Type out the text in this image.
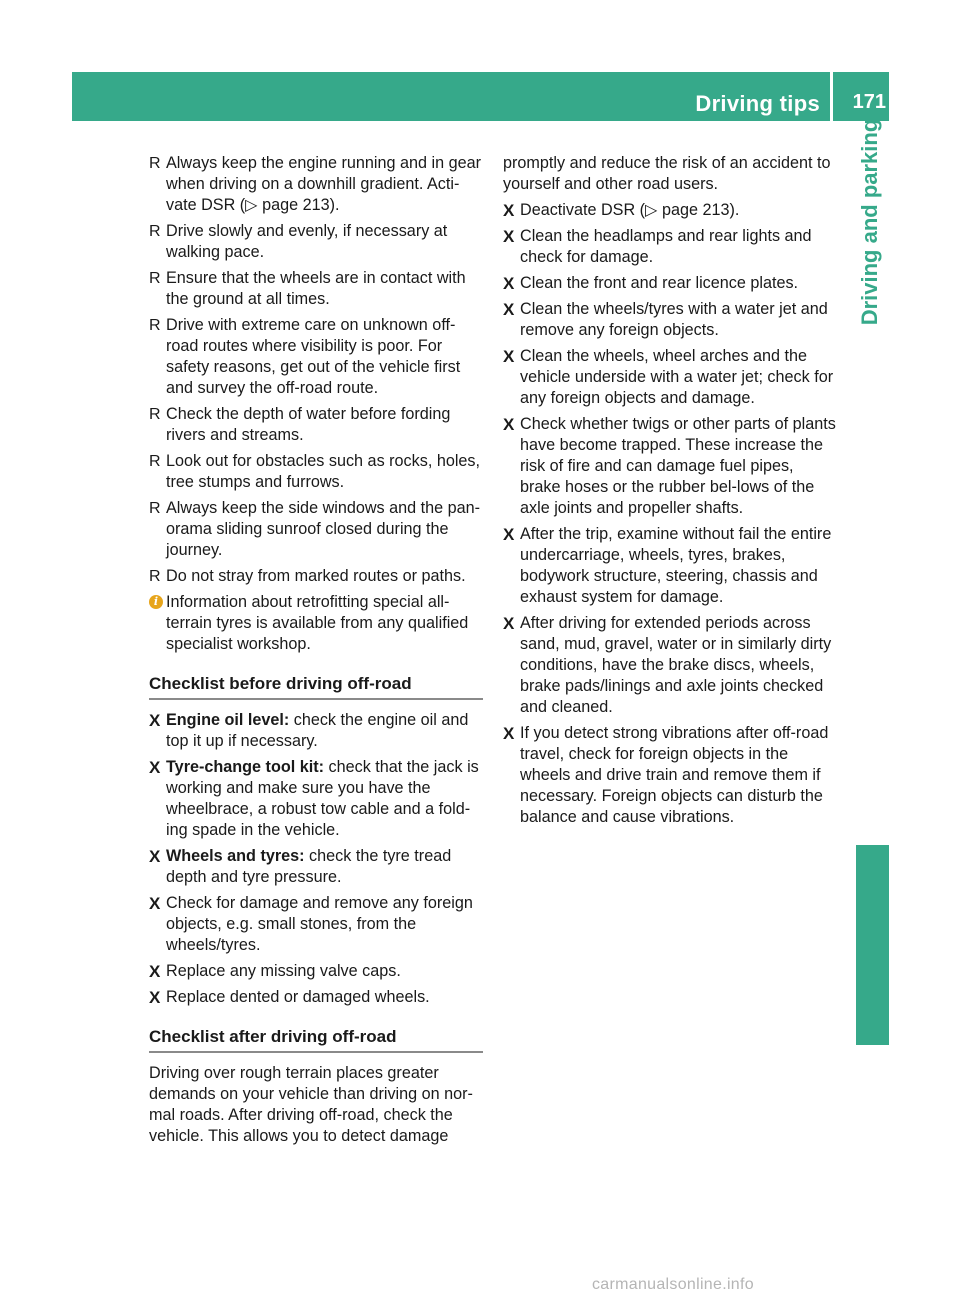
Driving tips 171
Driving and parking
R Always keep the engine running and in gear when driving on a downhill gradient. Acti-vate DSR (▷ page 213).
R Drive slowly and evenly, if necessary at walking pace.
R Ensure that the wheels are in contact with the ground at all times.
R Drive with extreme care on unknown off-road routes where visibility is poor. For safety reasons, get out of the vehicle first and survey the off-road route.
R Check the depth of water before fording rivers and streams.
R Look out for obstacles such as rocks, holes, tree stumps and furrows.
R Always keep the side windows and the pan-orama sliding sunroof closed during the journey.
R Do not stray from marked routes or paths.
i Information about retrofitting special all-terrain tyres is available from any qualified specialist workshop.
Checklist before driving off-road
X Engine oil level: check the engine oil and top it up if necessary.
X Tyre-change tool kit: check that the jack is working and make sure you have the wheelbrace, a robust tow cable and a fold-ing spade in the vehicle.
X Wheels and tyres: check the tyre tread depth and tyre pressure.
X Check for damage and remove any foreign objects, e.g. small stones, from the wheels/tyres.
X Replace any missing valve caps.
X Replace dented or damaged wheels.
Checklist after driving off-road
Driving over rough terrain places greater demands on your vehicle than driving on nor-mal roads. After driving off-road, check the vehicle. This allows you to detect damage
promptly and reduce the risk of an accident to yourself and other road users.
X Deactivate DSR (▷ page 213).
X Clean the headlamps and rear lights and check for damage.
X Clean the front and rear licence plates.
X Clean the wheels/tyres with a water jet and remove any foreign objects.
X Clean the wheels, wheel arches and the vehicle underside with a water jet; check for any foreign objects and damage.
X Check whether twigs or other parts of plants have become trapped. These increase the risk of fire and can damage fuel pipes, brake hoses or the rubber bel-lows of the axle joints and propeller shafts.
X After the trip, examine without fail the entire undercarriage, wheels, tyres, brakes, bodywork structure, steering, chassis and exhaust system for damage.
X After driving for extended periods across sand, mud, gravel, water or in similarly dirty conditions, have the brake discs, wheels, brake pads/linings and axle joints checked and cleaned.
X If you detect strong vibrations after off-road travel, check for foreign objects in the wheels and drive train and remove them if necessary. Foreign objects can disturb the balance and cause vibrations.
carmanualsonline.info
